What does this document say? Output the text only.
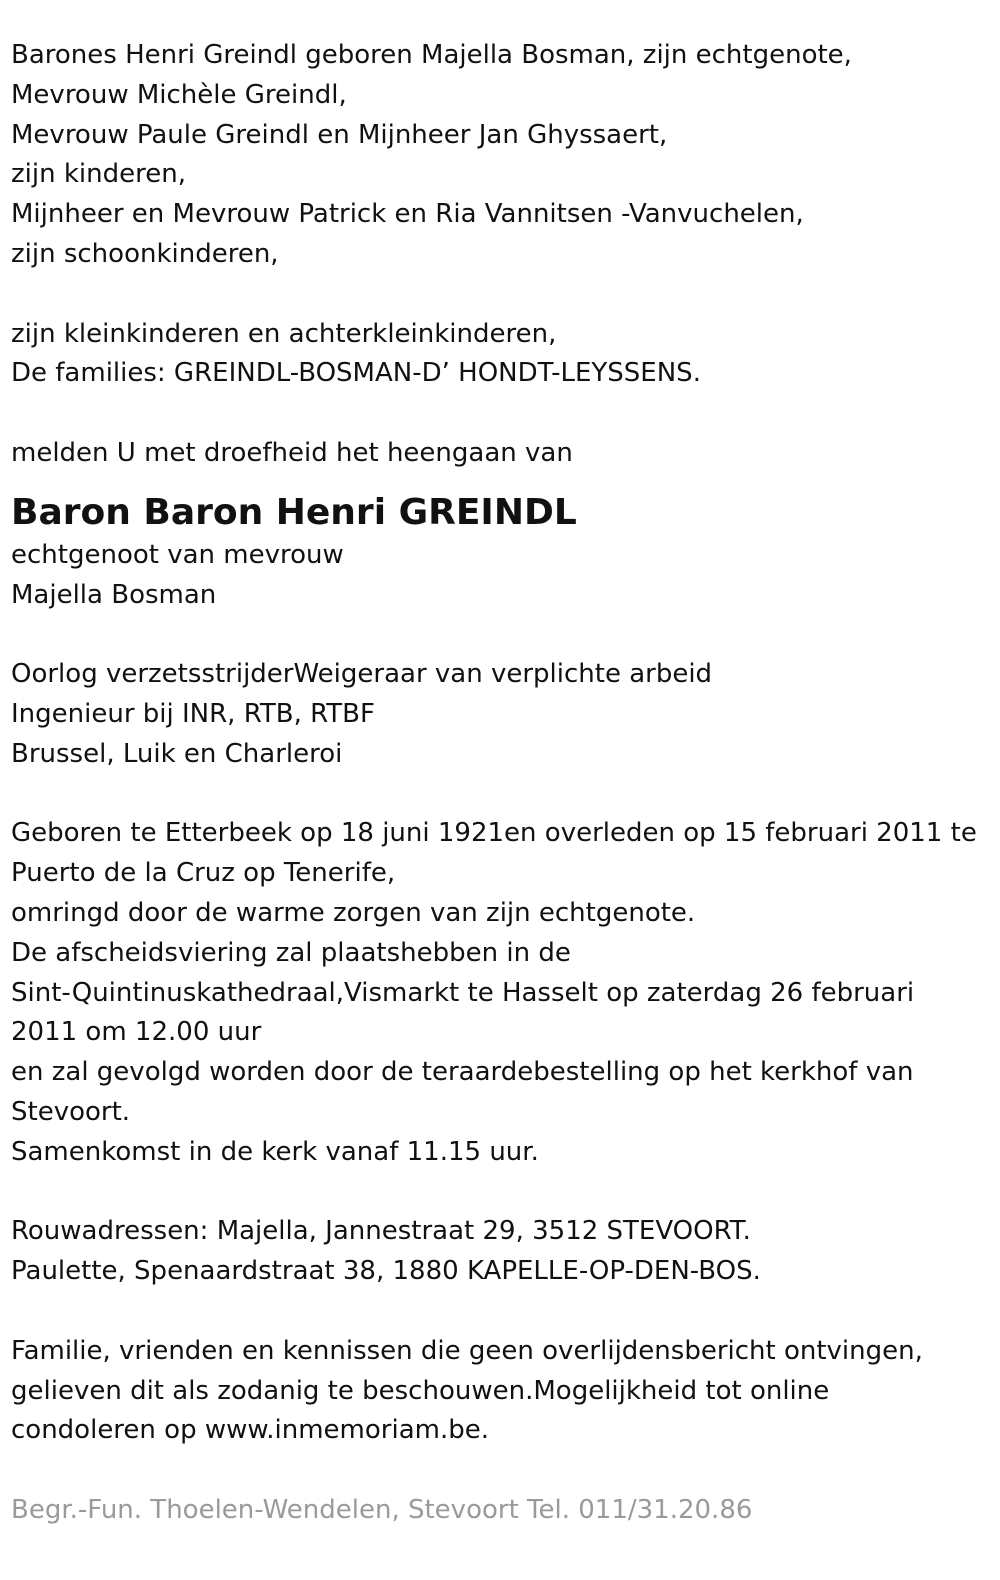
Barones Henri Greindl geboren Majella Bosman, zijn echtgenote,
Mevrouw Michèle Greindl,
Mevrouw Paule Greindl en Mijnheer Jan Ghyssaert,
zijn kinderen,
Mijnheer en Mevrouw Patrick en Ria Vannitsen -Vanvuchelen,
zijn schoonkinderen,
zijn kleinkinderen en achterkleinkinderen,
De families: GREINDL-BOSMAN-D’ HONDT-LEYSSENS.
melden U met droefheid het heengaan van
Baron Baron Henri GREINDL
echtgenoot van mevrouw
Majella Bosman
Oorlog verzetsstrijderWeigeraar van verplichte arbeid
Ingenieur bij INR, RTB, RTBF
Brussel, Luik en Charleroi
Geboren te Etterbeek op 18 juni 1921en overleden op 15 februari 2011 te
Puerto de la Cruz op Tenerife,
omringd door de warme zorgen van zijn echtgenote.
De afscheidsviering zal plaatshebben in de
Sint-Quintinuskathedraal,Vismarkt te Hasselt op zaterdag 26 februari
2011 om 12.00 uur
en zal gevolgd worden door de teraardebestelling op het kerkhof van
Stevoort.
Samenkomst in de kerk vanaf 11.15 uur.
Rouwadressen: Majella, Jannestraat 29, 3512 STEVOORT.
Paulette, Spenaardstraat 38, 1880 KAPELLE-OP-DEN-BOS.
Familie, vrienden en kennissen die geen overlijdensbericht ontvingen,
gelieven dit als zodanig te beschouwen.Mogelijkheid tot online
condoleren op www.inmemoriam.be.
Begr.-Fun. Thoelen-Wendelen, Stevoort Tel. 011/31.20.86
